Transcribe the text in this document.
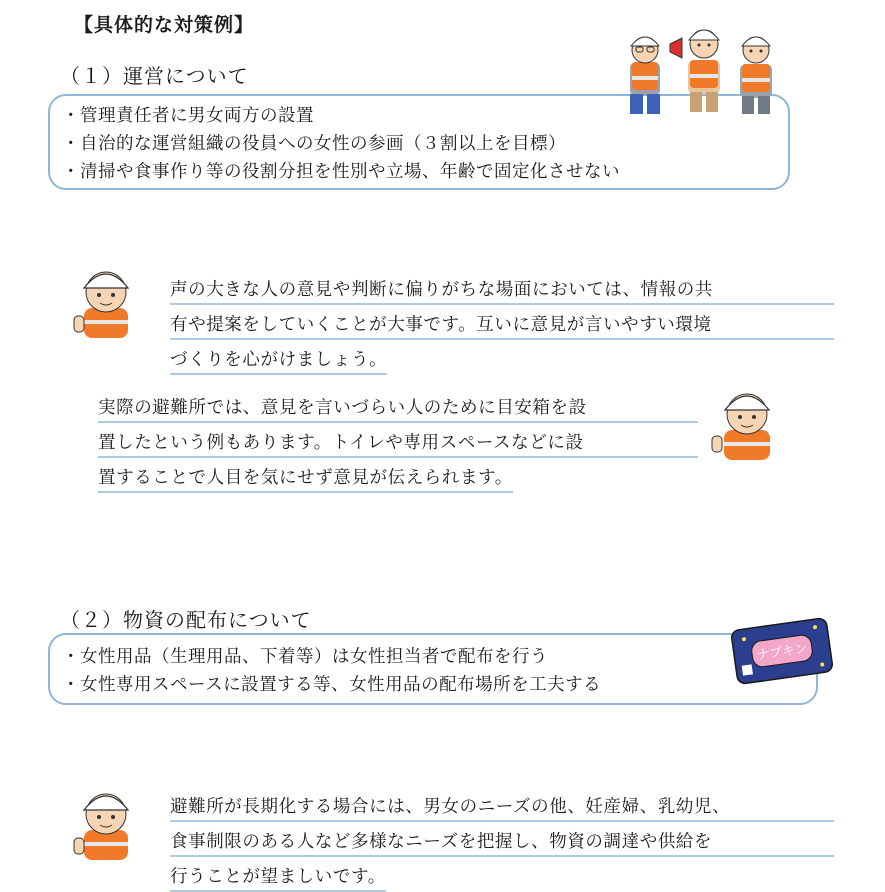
【具体的な対策例】
（１）運営について
・管理責任者に男女両方の設置
・自治的な運営組織の役員への女性の参画（３割以上を目標）
・清掃や食事作り等の役割分担を性別や立場、年齢で固定化させない
声の大きな人の意見や判断に偏りがちな場面においては、情報の共
有や提案をしていくことが大事です。互いに意見が言いやすい環境
づくりを心がけましょう。
実際の避難所では、意見を言いづらい人のために目安箱を設
置したという例もあります。トイレや専用スペースなどに設
置することで人目を気にせず意見が伝えられます。
（２）物資の配布について
・女性用品（生理用品、下着等）は女性担当者で配布を行う
・女性専用スペースに設置する等、女性用品の配布場所を工夫する
ナプキン
避難所が長期化する場合には、男女のニーズの他、妊産婦、乳幼児、
食事制限のある人など多様なニーズを把握し、物資の調達や供給を
行うことが望ましいです。
